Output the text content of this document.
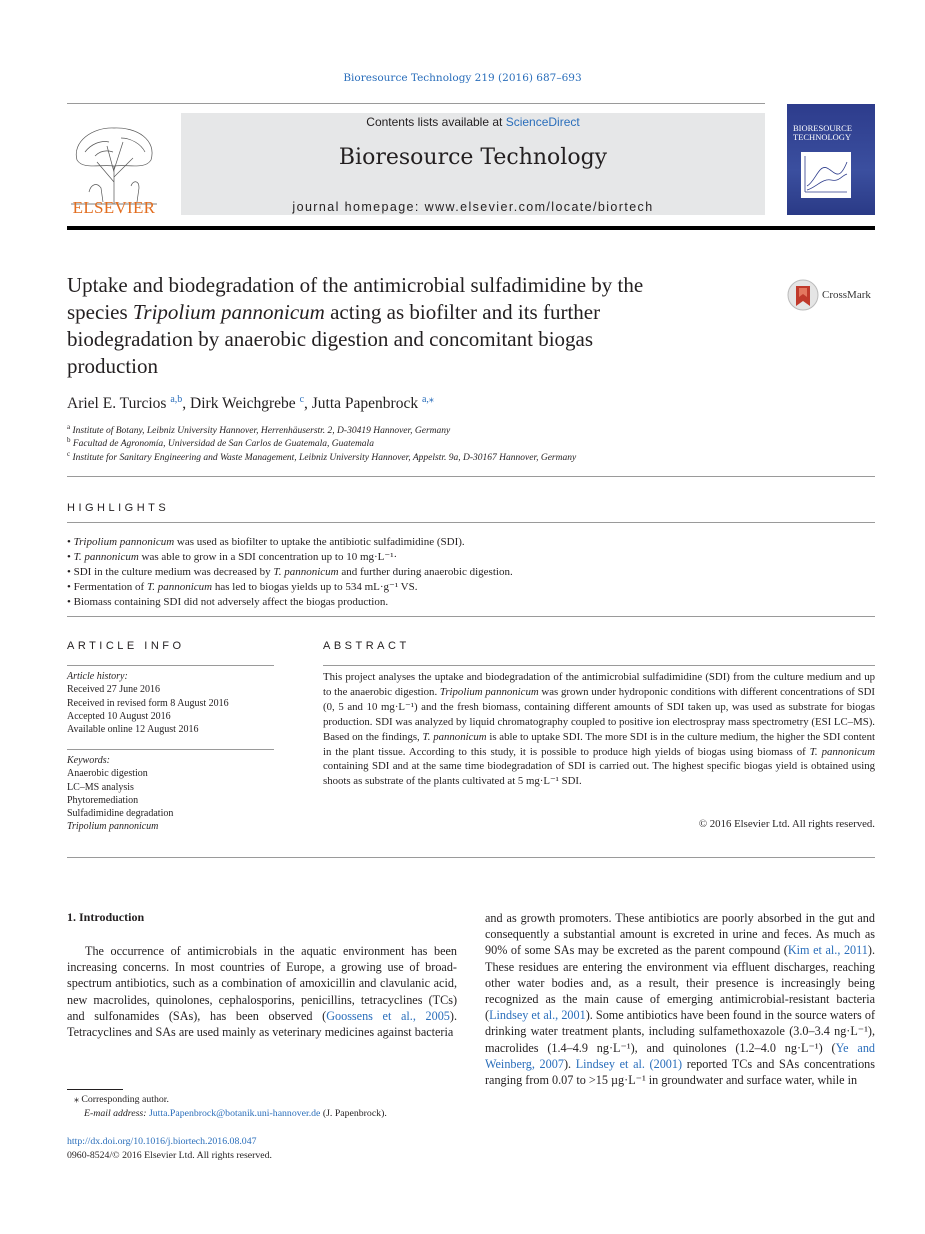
Bioresource Technology 219 (2016) 687–693
ELSEVIER
Contents lists available at ScienceDirect
Bioresource Technology
journal homepage: www.elsevier.com/locate/biortech
BIORESOURCE TECHNOLOGY
Uptake and biodegradation of the antimicrobial sulfadimidine by the
species Tripolium pannonicum acting as biofilter and its further
biodegradation by anaerobic digestion and concomitant biogas
production
CrossMark
Ariel E. Turcios $^{a,b}$, Dirk Weichgrebe $^c$, Jutta Papenbrock $^{a,⁎}$
$^a$ Institute of Botany, Leibniz University Hannover, Herrenhäuserstr. 2, D-30419 Hannover, Germany
$^b$ Facultad de Agronomía, Universidad de San Carlos de Guatemala, Guatemala
$^c$ Institute for Sanitary Engineering and Waste Management, Leibniz University Hannover, Appelstr. 9a, D-30167 Hannover, Germany
HIGHLIGHTS
• Tripolium pannonicum was used as biofilter to uptake the antibiotic sulfadimidine (SDI).
• T. pannonicum was able to grow in a SDI concentration up to 10 mg·L⁻¹·
• SDI in the culture medium was decreased by T. pannonicum and further during anaerobic digestion.
• Fermentation of T. pannonicum has led to biogas yields up to 534 mL·g⁻¹ VS.
• Biomass containing SDI did not adversely affect the biogas production.
ARTICLE INFO
Article history:
Received 27 June 2016
Received in revised form 8 August 2016
Accepted 10 August 2016
Available online 12 August 2016
Keywords:
Anaerobic digestion
LC–MS analysis
Phytoremediation
Sulfadimidine degradation
Tripolium pannonicum
ABSTRACT
This project analyses the uptake and biodegradation of the antimicrobial sulfadimidine (SDI) from the culture medium and up to the anaerobic digestion. Tripolium pannonicum was grown under hydroponic conditions with different concentrations of SDI (0, 5 and 10 mg·L⁻¹) and the fresh biomass, containing different amounts of SDI taken up, was used as substrate for biogas production. SDI was analyzed by liquid chromatography coupled to positive ion electrospray mass spectrometry (ESI LC–MS). Based on the findings, T. pannonicum is able to uptake SDI. The more SDI is in the culture medium, the higher the SDI content in the plant tissue. According to this study, it is possible to produce high yields of biogas using biomass of T. pannonicum containing SDI and at the same time biodegradation of SDI is carried out. The highest specific biogas yield is obtained using shoots as substrate of the plants cultivated at 5 mg·L⁻¹ SDI.
© 2016 Elsevier Ltd. All rights reserved.
1. Introduction

The occurrence of antimicrobials in the aquatic environment has been increasing concerns. In most countries of Europe, a growing use of broad-spectrum antibiotics, such as a combination of amoxicillin and clavulanic acid, new macrolides, quinolones, cephalosporins, penicillins, tetracyclines (TCs) and sulfonamides (SAs), has been observed (Goossens et al., 2005). Tetracyclines and SAs are used mainly as veterinary medicines against bacteria

and as growth promoters. These antibiotics are poorly absorbed in the gut and consequently a substantial amount is excreted in urine and feces. As much as 90% of some SAs may be excreted as the parent compound (Kim et al., 2011). These residues are entering the environment via effluent discharges, reaching other water bodies and, as a result, their presence is increasingly being recognized as the main cause of emerging antimicrobial-resistant bacteria (Lindsey et al., 2001). Some antibiotics have been found in the source waters of drinking water treatment plants, including sulfamethoxazole (3.0–3.4 ng·L⁻¹), macrolides (1.4–4.9 ng·L⁻¹), and quinolones (1.2–4.0 ng·L⁻¹) (Ye and Weinberg, 2007). Lindsey et al. (2001) reported TCs and SAs concentrations ranging from 0.07 to >15 µg·L⁻¹ in groundwater and surface water, while in

⁎ Corresponding author.
E-mail address: Jutta.Papenbrock@botanik.uni-hannover.de (J. Papenbrock).
http://dx.doi.org/10.1016/j.biortech.2016.08.047
0960-8524/© 2016 Elsevier Ltd. All rights reserved.
